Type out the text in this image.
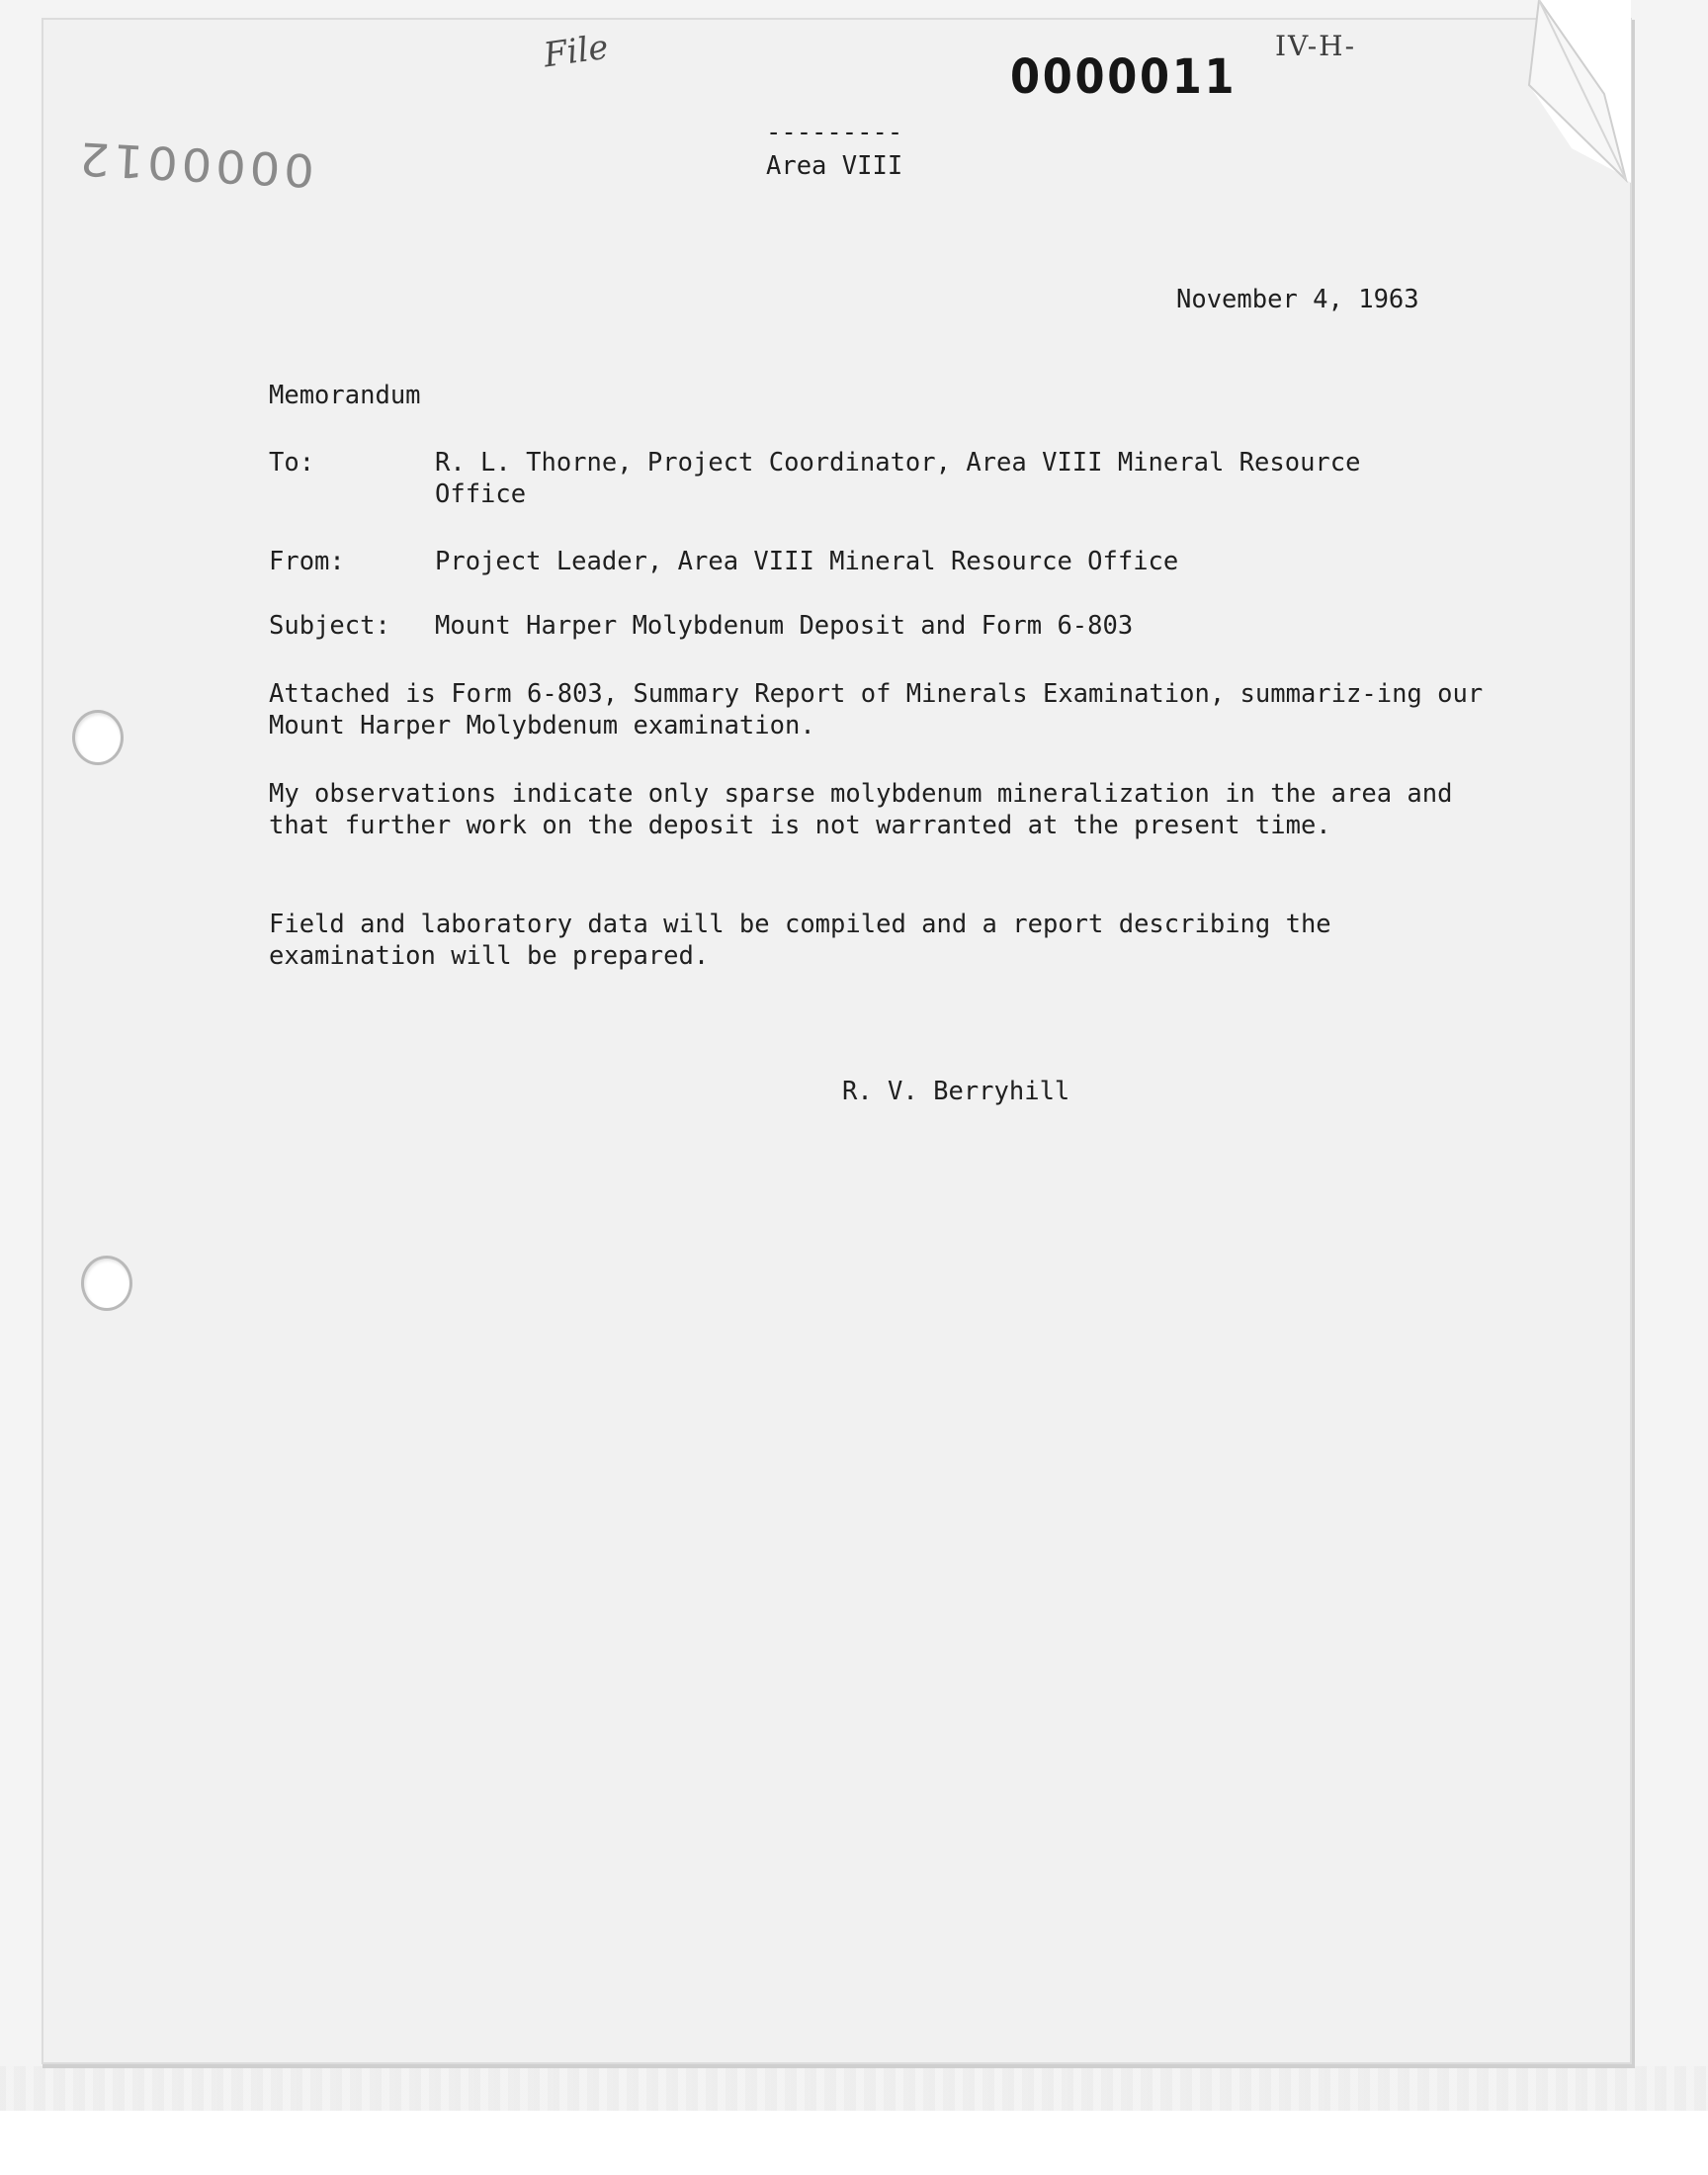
File	0000011
IV-H-
0000012	---------
Area VIII
November 4, 1963
Memorandum
To:	R. L. Thorne, Project Coordinator, Area VIII Mineral Resource Office
From:	Project Leader, Area VIII Mineral Resource Office
Subject: Mount Harper Molybdenum Deposit and Form 6-803
Attached is Form 6-803, Summary Report of Minerals Examination, summariz-ing our Mount Harper Molybdenum examination.
My observations indicate only sparse molybdenum mineralization in the area and that further work on the deposit is not warranted at the present time.
Field and laboratory data will be compiled and a report describing the examination will be prepared.
R. V. Berryhill
